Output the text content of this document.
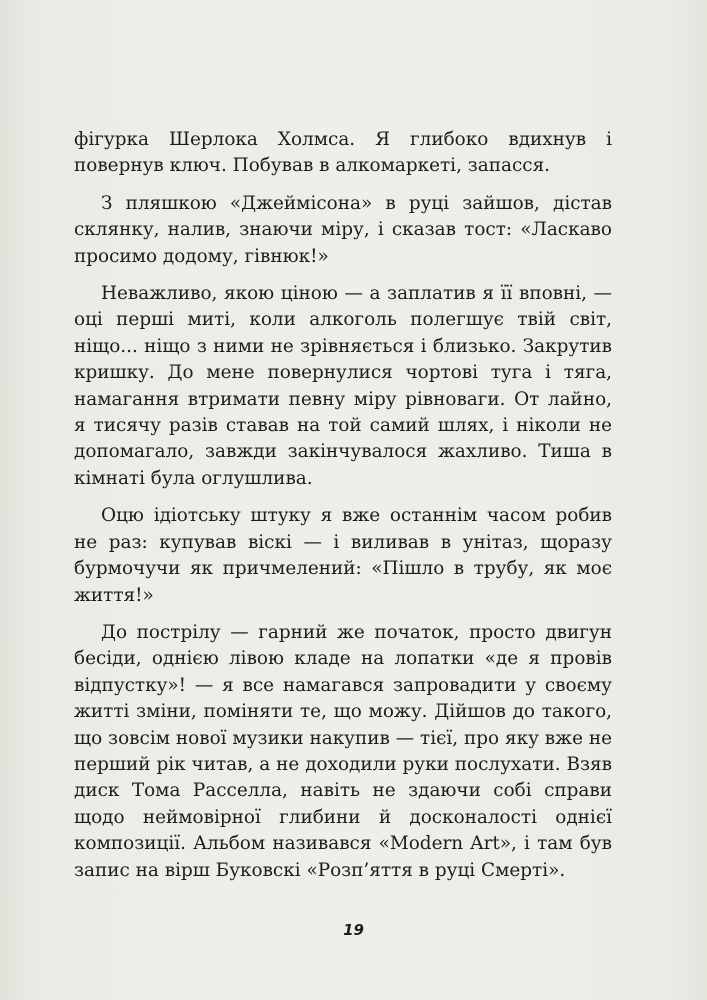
фігурка Шерлока Холмса. Я глибоко вдихнув і повернув ключ. Побував в алкомаркеті, запасся.

З пляшкою «Джеймісона» в руці зайшов, дістав склянку, налив, знаючи міру, і сказав тост: «Ласкаво просимо додому, гівнюк!»

Неважливо, якою ціною — а заплатив я її вповні, — оці перші миті, коли алкоголь полегшує твій світ, ніщо... ніщо з ними не зрівняється і близько. Закрутив кришку. До мене повернулися чортові туга і тяга, намагання втримати певну міру рівноваги. От лайно, я тисячу разів ставав на той самий шлях, і ніколи не допомагало, завжди закінчувалося жахливо. Тиша в кімнаті була оглушлива.

Оцю ідіотську штуку я вже останнім часом робив не раз: купував віскі — і виливав в унітаз, щоразу бурмочучи як причмелений: «Пішло в трубу, як моє життя!»

До пострілу — гарний же початок, просто двигун бесіди, однією лівою кладе на лопатки «де я провів відпустку»! — я все намагався запровадити у своєму житті зміни, поміняти те, що можу. Дійшов до такого, що зовсім нової музики накупив — тієї, про яку вже не перший рік читав, а не доходили руки послухати. Взяв диск Тома Расселла, навіть не здаючи собі справи щодо неймовірної глибини й досконалості однієї композиції. Альбом називався «Modern Art», і там був запис на вірш Буковскі «Розп’яття в руці Смерті».

19
